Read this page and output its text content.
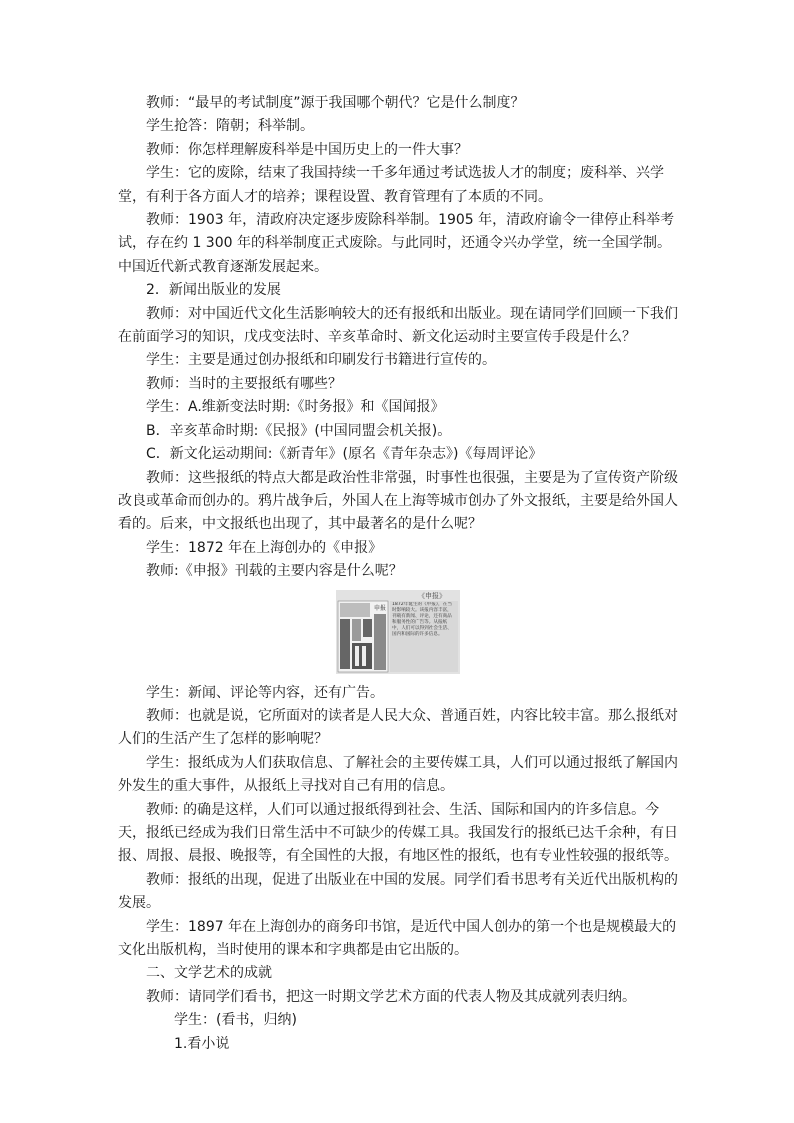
教师：“最早的考试制度”源于我国哪个朝代？它是什么制度？

学生抢答：隋朝；科举制。

教师：你怎样理解废科举是中国历史上的一件大事？

学生：它的废除，结束了我国持续一千多年通过考试选拔人才的制度；废科举、兴学堂，有利于各方面人才的培养；课程设置、教育管理有了本质的不同。

教师：1903 年，清政府决定逐步废除科举制。1905 年，清政府谕令一律停止科举考试，存在约 1 300 年的科举制度正式废除。与此同时，还通令兴办学堂，统一全国学制。中国近代新式教育逐渐发展起来。

2．新闻出版业的发展

教师：对中国近代文化生活影响较大的还有报纸和出版业。现在请同学们回顾一下我们在前面学习的知识，戊戌变法时、辛亥革命时、新文化运动时主要宣传手段是什么？

学生：主要是通过创办报纸和印刷发行书籍进行宣传的。

教师：当时的主要报纸有哪些？

学生：A.维新变法时期:《时务报》和《国闻报》

B．辛亥革命时期:《民报》(中国同盟会机关报)。

C．新文化运动期间:《新青年》(原名《青年杂志》)《每周评论》

教师：这些报纸的特点大都是政治性非常强，时事性也很强，主要是为了宣传资产阶级改良或革命而创办的。鸦片战争后，外国人在上海等城市创办了外文报纸，主要是给外国人看的。后来，中文报纸也出现了，其中最著名的是什么呢？

学生：1872 年在上海创办的《申报》

教师:《申报》刊载的主要内容是什么呢？

《申报》
申报
1872年诞生的《申报》，在当时影响较大。该报内容丰富，刊载有新闻、评论，还有商品和服务性的广告等。从报纸中，人们可以得到社会生活、国内和国际的许多信息。

学生：新闻、评论等内容，还有广告。

教师：也就是说，它所面对的读者是人民大众、普通百姓，内容比较丰富。那么报纸对人们的生活产生了怎样的影响呢？

学生：报纸成为人们获取信息、了解社会的主要传媒工具，人们可以通过报纸了解国内外发生的重大事件，从报纸上寻找对自己有用的信息。

教师: 的确是这样，人们可以通过报纸得到社会、生活、国际和国内的许多信息。今天，报纸已经成为我们日常生活中不可缺少的传媒工具。我国发行的报纸已达千余种，有日报、周报、晨报、晚报等，有全国性的大报，有地区性的报纸，也有专业性较强的报纸等。

教师：报纸的出现，促进了出版业在中国的发展。同学们看书思考有关近代出版机构的发展。

学生：1897 年在上海创办的商务印书馆，是近代中国人创办的第一个也是规模最大的文化出版机构，当时使用的课本和字典都是由它出版的。

二、文学艺术的成就

教师：请同学们看书，把这一时期文学艺术方面的代表人物及其成就列表归纳。

学生：(看书，归纳)

1.看小说
